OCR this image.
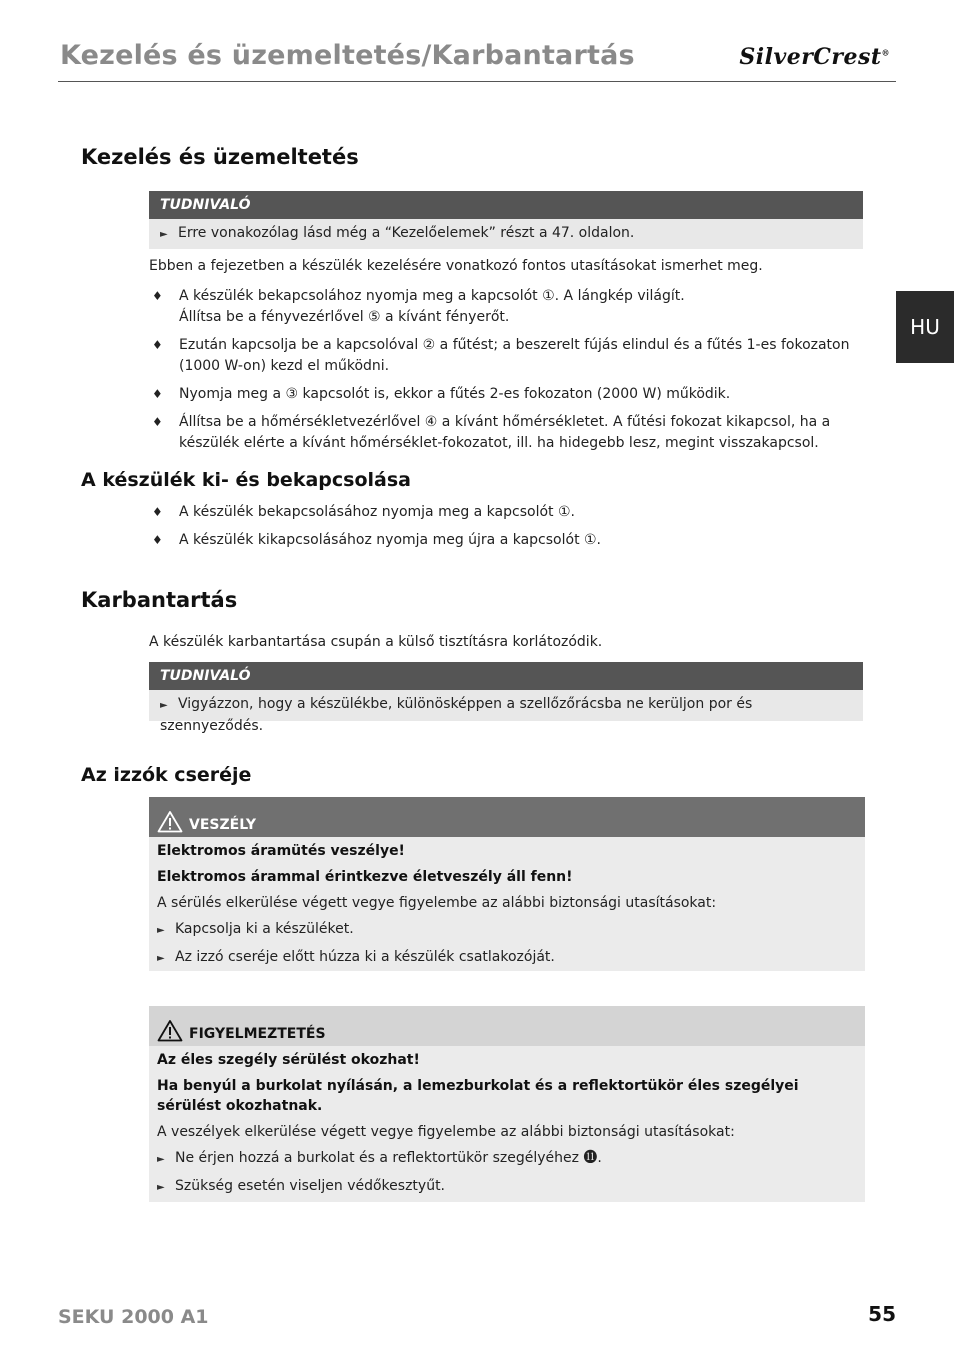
Kezelés és üzemeltetés/Karbantartás	SilverCrest®
HU
Kezelés és üzemeltetés
TUDNIVALÓ
► Erre vonakozólag lásd még a “Kezelőelemek” részt a 47. oldalon.

Ebben a fejezetben a készülék kezelésére vonatkozó fontos utasításokat ismerhet meg.

♦ A készülék bekapcsolához nyomja meg a kapcsolót ①. A lángkép világít.
Állítsa be a fényvezérlővel ⑤ a kívánt fényerőt.
♦ Ezután kapcsolja be a kapcsolóval ② a fűtést; a beszerelt fújás elindul és a fűtés 1-es fokozaton (1000 W-on) kezd el működni.
♦ Nyomja meg a ③ kapcsolót is, ekkor a fűtés 2-es fokozaton (2000 W) működik.
♦ Állítsa be a hőmérsékletvezérlővel ④ a kívánt hőmérsékletet. A fűtési fokozat kikapcsol, ha a készülék elérte a kívánt hőmérséklet-fokozatot, ill. ha hidegebb lesz, megint visszakapcsol.
A készülék ki- és bekapcsolása
♦ A készülék bekapcsolásához nyomja meg a kapcsolót ①.
♦ A készülék kikapcsolásához nyomja meg újra a kapcsolót ①.
Karbantartás

A készülék karbantartása csupán a külső tisztításra korlátozódik.

TUDNIVALÓ
► Vigyázzon, hogy a készülékbe, különösképpen a szellőzőrácsba ne kerüljon por és szennyeződés.
Az izzók cseréje
VESZÉLY
Elektromos áramütés veszélye!
Elektromos árammal érintkezve életveszély áll fenn!
A sérülés elkerülése végett vegye figyelembe az alábbi biztonsági utasításokat:
► Kapcsolja ki a készüléket.
► Az izzó cseréje előtt húzza ki a készülék csatlakozóját.
FIGYELMEZTETÉS
Az éles szegély sérülést okozhat!
Ha benyúl a burkolat nyílásán, a lemezburkolat és a reflektortükör éles szegélyei sérülést okozhatnak.
A veszélyek elkerülése végett vegye figyelembe az alábbi biztonsági utasításokat:
► Ne érjen hozzá a burkolat és a reflektortükör szegélyéhez ⓫.
► Szükség esetén viseljen védőkesztyűt.
SEKU 2000 A1	55
